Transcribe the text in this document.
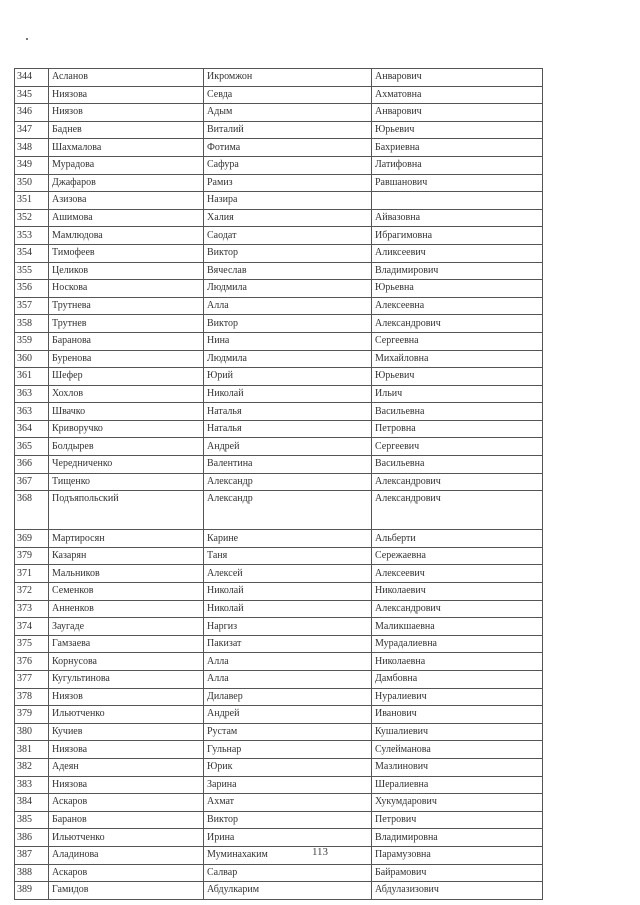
344	Асланов	Икромжон	Анварович
345	Ниязова	Севда	Ахматовна
346	Ниязов	Адым	Анварович
347	Баднев	Виталий	Юрьевич
348	Шахмалова	Фотима	Бахриевна
349	Мурадова	Сафура	Латифовна
350	Джафаров	Рамиз	Равшанович
351	Азизова	Назира	
352	Ашимова	Халия	Айвазовна
353	Мамлюдова	Саодат	Ибрагимовна
354	Тимофеев	Виктор	Аликсеевич
355	Целиков	Вячеслав	Владимирович
356	Носкова	Людмила	Юрьевна
357	Трутнева	Алла	Алексеевна
358	Трутнев	Виктор	Александрович
359	Баранова	Нина	Сергеевна
360	Буренова	Людмила	Михайловна
361	Шефер	Юрий	Юрьевич
363	Хохлов	Николай	Ильич
363	Швачко	Наталья	Васильевна
364	Криворучко	Наталья	Петровна
365	Болдырев	Андрей	Сергеевич
366	Чередниченко	Валентина	Васильевна
367	Тищенко	Александр	Александрович
368	Подъяпольский	Александр	Александрович
369	Мартиросян	Карине	Альберти
379	Казарян	Таня	Сережаевна
371	Мальников	Алексей	Алексеевич
372	Семенков	Николай	Николаевич
373	Анненков	Николай	Александрович
374	Заугаде	Наргиз	Маликшаевна
375	Гамзаева	Пакизат	Мурадалиевна
376	Корнусова	Алла	Николаевна
377	Кугультинова	Алла	Дамбовна
378	Ниязов	Дилавер	Нуралиевич
379	Ильютченко	Андрей	Иванович
380	Кучиев	Рустам	Кушалиевич
381	Ниязова	Гульнар	Сулейманова
382	Адеян	Юрик	Мазлинович
383	Ниязова	Зарина	Шералиевна
384	Аскаров	Ахмат	Хукумдарович
385	Баранов	Виктор	Петрович
386	Ильютченко	Ирина	Владимировна
387	Аладинова	Муминахаким	Парамузовна
388	Аскаров	Салвар	Байрамович
389	Гамидов	Абдулкарим	Абдулазизович
113
